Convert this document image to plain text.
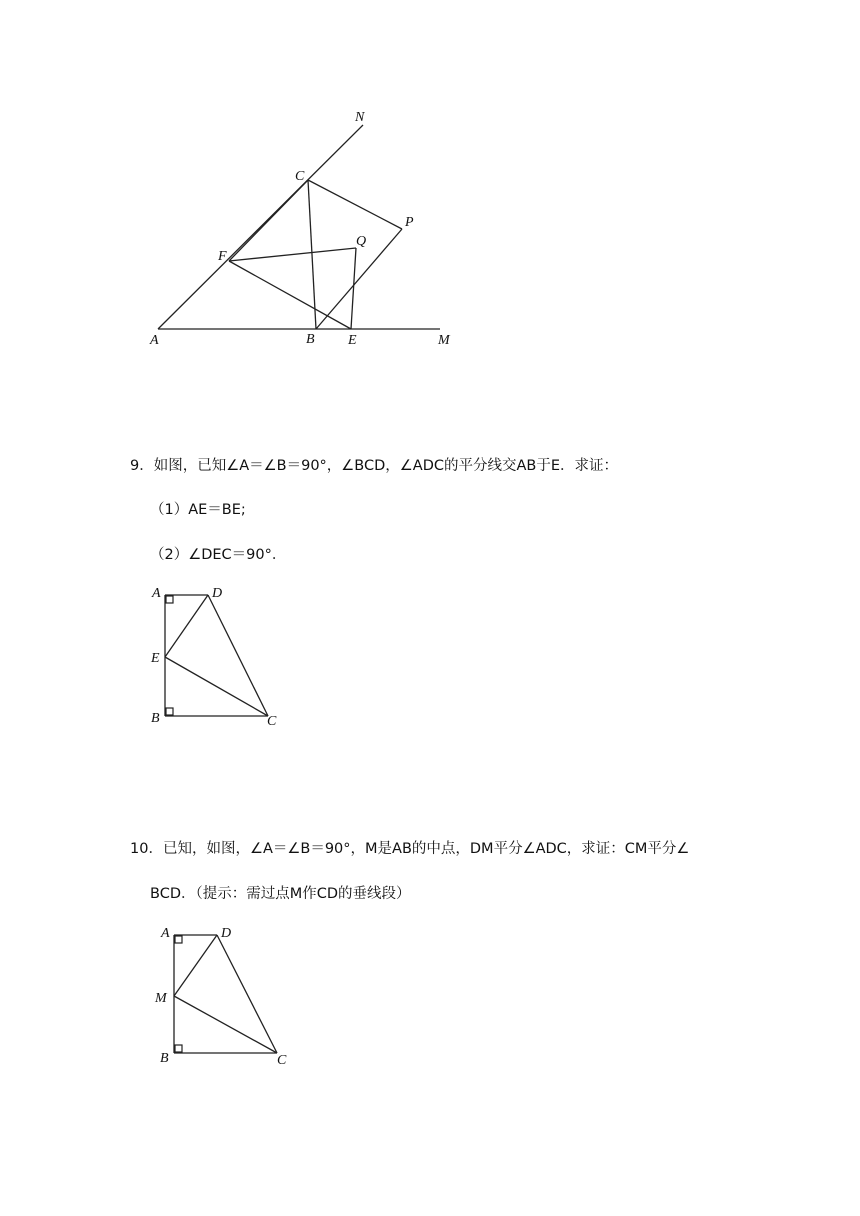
N
C
P
F
Q
A	B E	M
9．如图，已知∠A＝∠B＝90°，∠BCD，∠ADC的平分线交AB于E．求证：
（1）AE＝BE;
（2）∠DEC＝90°．
A	D
E
B	C
10．已知，如图，∠A＝∠B＝90°，M是AB的中点，DM平分∠ADC，求证：CM平分∠
BCD．（提示：需过点M作CD的垂线段）
A	D
M
B	C
